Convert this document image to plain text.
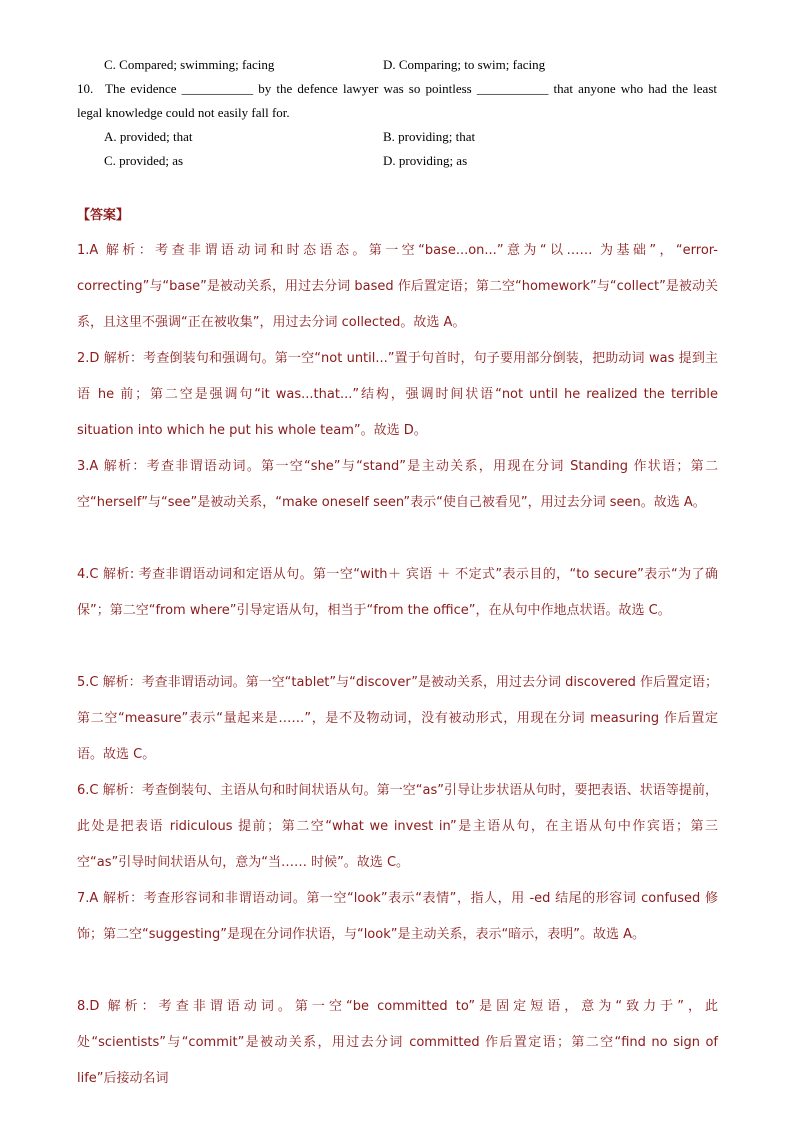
C. Compared; swimming; facing	D. Comparing; to swim; facing
10. The evidence ___________ by the defence lawyer was so pointless ___________ that anyone who had the least
legal knowledge could not easily fall for.
A. provided; that	B. providing; that
C. provided; as	D. providing; as
【答案】
1.A 解析：考查非谓语动词和时态语态。第一空“base...on...”意为“以…… 为基础”，“error-correcting”与“base”是被动关系，用过去分词 based 作后置定语；第二空“homework”与“collect”是被动关系，且这里不强调“正在被收集”，用过去分词 collected。故选 A。
2.D 解析：考查倒装句和强调句。第一空“not until...”置于句首时，句子要用部分倒装，把助动词 was 提到主语 he 前；第二空是强调句“it was...that...”结构，强调时间状语“not until he realized the terrible situation into which he put his whole team”。故选 D。
3.A 解析：考查非谓语动词。第一空“she”与“stand”是主动关系，用现在分词 Standing 作状语；第二空“herself”与“see”是被动关系，“make oneself seen”表示“使自己被看见”，用过去分词 seen。故选 A。
4.C 解析: 考查非谓语动词和定语从句。第一空“with＋ 宾语 ＋ 不定式”表示目的，“to secure”表示“为了确保”；第二空“from where”引导定语从句，相当于“from the office”，在从句中作地点状语。故选 C。
5.C 解析：考查非谓语动词。第一空“tablet”与“discover”是被动关系，用过去分词 discovered 作后置定语；第二空“measure”表示“量起来是……”，是不及物动词，没有被动形式，用现在分词 measuring 作后置定语。故选 C。
6.C 解析：考查倒装句、主语从句和时间状语从句。第一空“as”引导让步状语从句时，要把表语、状语等提前，此处是把表语 ridiculous 提前；第二空“what we invest in”是主语从句，在主语从句中作宾语；第三空“as”引导时间状语从句，意为“当…… 时候”。故选 C。
7.A 解析：考查形容词和非谓语动词。第一空“look”表示“表情”，指人，用 -ed 结尾的形容词 confused 修饰；第二空“suggesting”是现在分词作状语，与“look”是主动关系，表示“暗示，表明”。故选 A。
8.D 解析：考查非谓语动词。第一空“be committed to”是固定短语，意为“致力于”，此处“scientists”与“commit”是被动关系，用过去分词 committed 作后置定语；第二空“find no sign of life”后接动名词
